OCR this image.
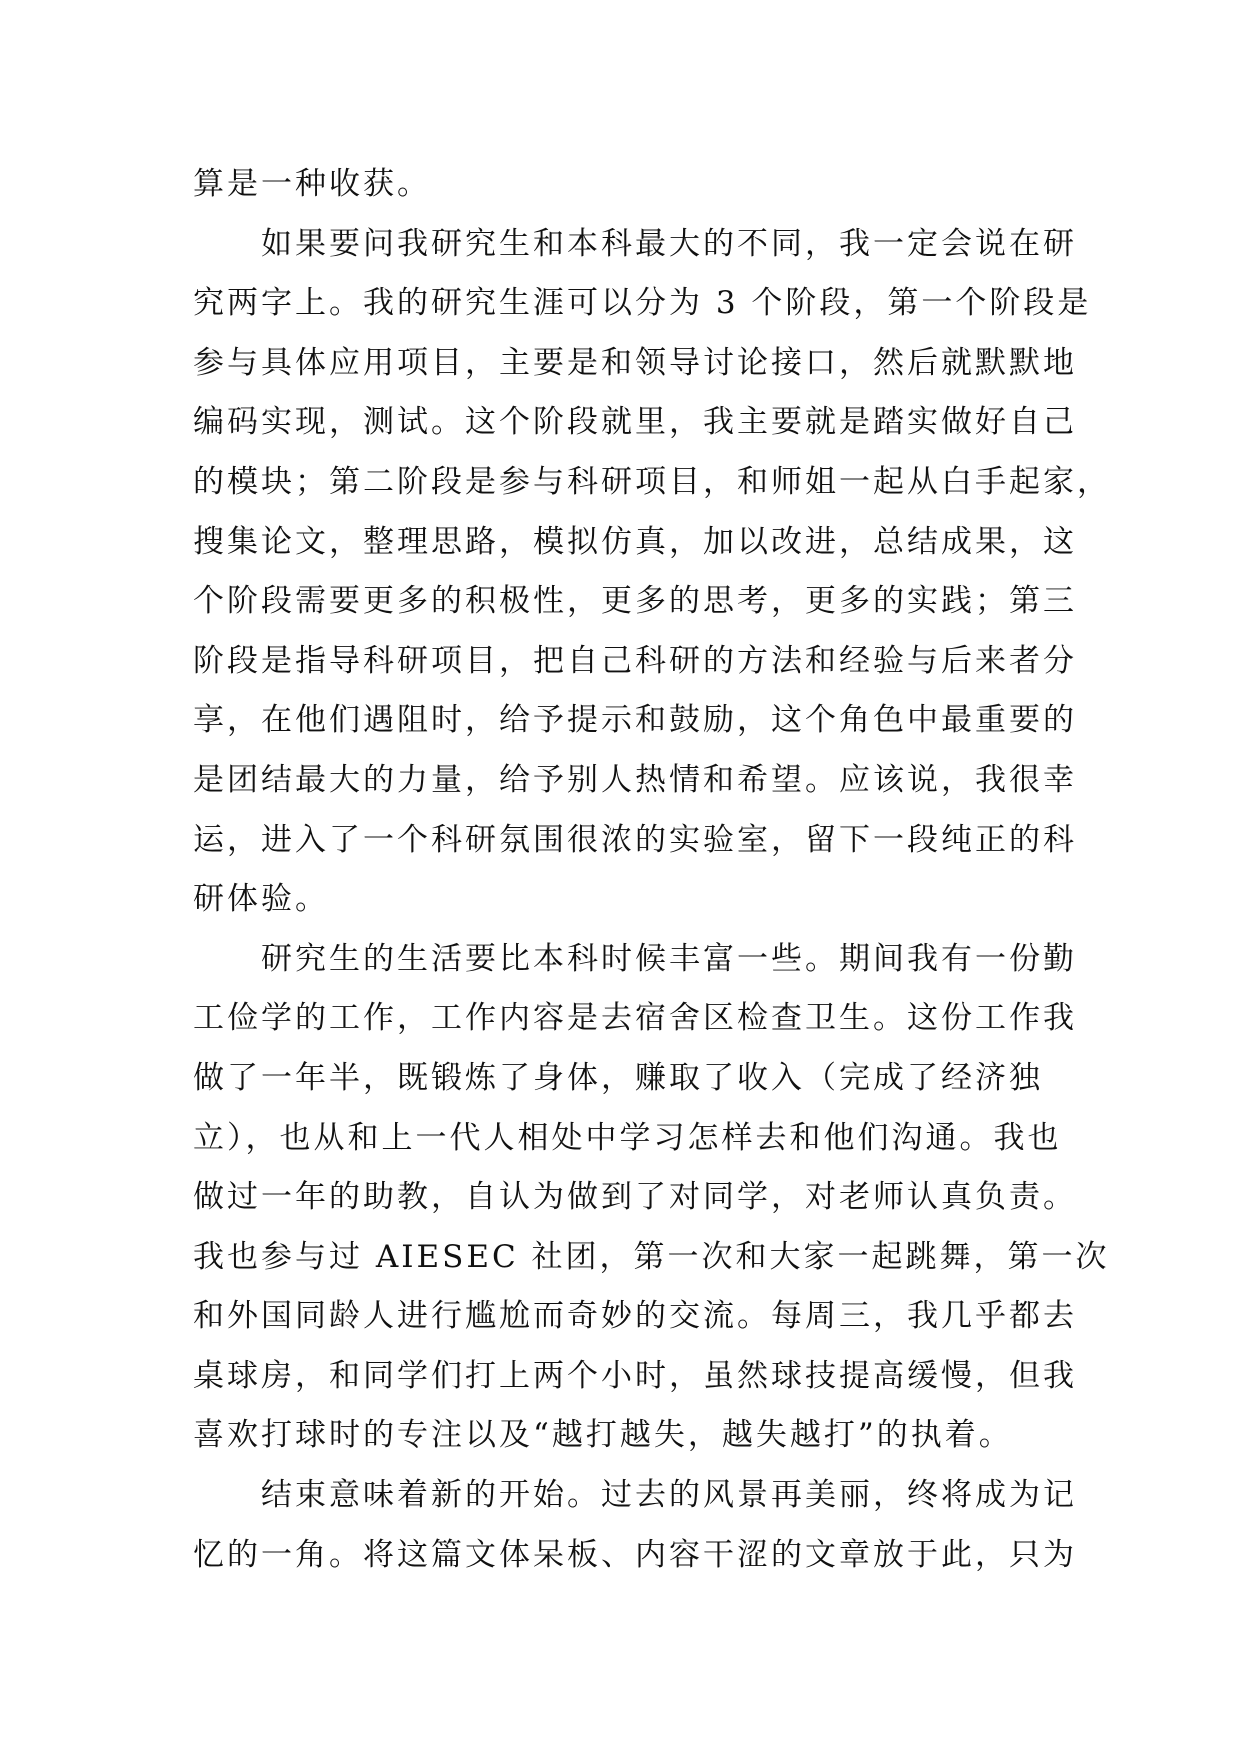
算是一种收获。
如果要问我研究生和本科最大的不同，我一定会说在研
究两字上。我的研究生涯可以分为 3 个阶段，第一个阶段是
参与具体应用项目，主要是和领导讨论接口，然后就默默地
编码实现，测试。这个阶段就里，我主要就是踏实做好自己
的模块；第二阶段是参与科研项目，和师姐一起从白手起家，
搜集论文，整理思路，模拟仿真，加以改进，总结成果，这
个阶段需要更多的积极性，更多的思考，更多的实践；第三
阶段是指导科研项目，把自己科研的方法和经验与后来者分
享，在他们遇阻时，给予提示和鼓励，这个角色中最重要的
是团结最大的力量，给予别人热情和希望。应该说，我很幸
运，进入了一个科研氛围很浓的实验室，留下一段纯正的科
研体验。
研究生的生活要比本科时候丰富一些。期间我有一份勤
工俭学的工作，工作内容是去宿舍区检查卫生。这份工作我
做了一年半，既锻炼了身体，赚取了收入（完成了经济独
立），也从和上一代人相处中学习怎样去和他们沟通。我也
做过一年的助教，自认为做到了对同学，对老师认真负责。
我也参与过 AIESEC 社团，第一次和大家一起跳舞，第一次
和外国同龄人进行尴尬而奇妙的交流。每周三，我几乎都去
桌球房，和同学们打上两个小时，虽然球技提高缓慢，但我
喜欢打球时的专注以及“越打越失，越失越打”的执着。
结束意味着新的开始。过去的风景再美丽，终将成为记
忆的一角。将这篇文体呆板、内容干涩的文章放于此，只为
